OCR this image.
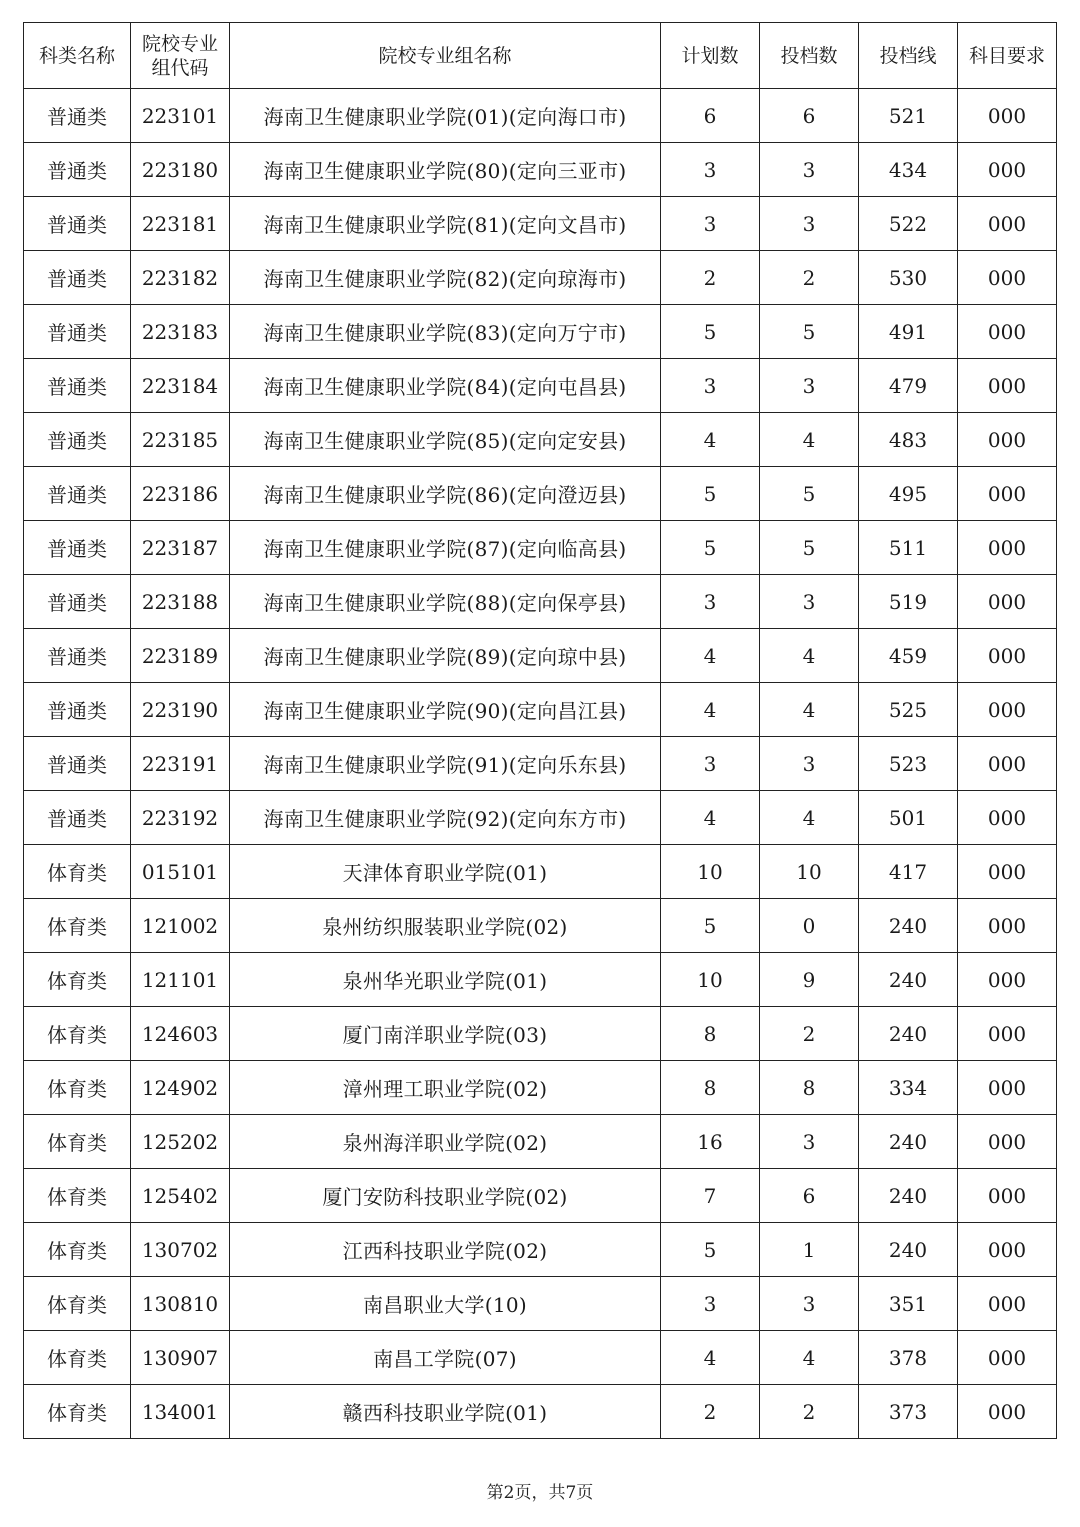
科类名称	院校专业组代码	院校专业组名称	计划数	投档数	投档线	科目要求
普通类	223101	海南卫生健康职业学院(01)(定向海口市)	6	6	521	000
普通类	223180	海南卫生健康职业学院(80)(定向三亚市)	3	3	434	000
普通类	223181	海南卫生健康职业学院(81)(定向文昌市)	3	3	522	000
普通类	223182	海南卫生健康职业学院(82)(定向琼海市)	2	2	530	000
普通类	223183	海南卫生健康职业学院(83)(定向万宁市)	5	5	491	000
普通类	223184	海南卫生健康职业学院(84)(定向屯昌县)	3	3	479	000
普通类	223185	海南卫生健康职业学院(85)(定向定安县)	4	4	483	000
普通类	223186	海南卫生健康职业学院(86)(定向澄迈县)	5	5	495	000
普通类	223187	海南卫生健康职业学院(87)(定向临高县)	5	5	511	000
普通类	223188	海南卫生健康职业学院(88)(定向保亭县)	3	3	519	000
普通类	223189	海南卫生健康职业学院(89)(定向琼中县)	4	4	459	000
普通类	223190	海南卫生健康职业学院(90)(定向昌江县)	4	4	525	000
普通类	223191	海南卫生健康职业学院(91)(定向乐东县)	3	3	523	000
普通类	223192	海南卫生健康职业学院(92)(定向东方市)	4	4	501	000
体育类	015101	天津体育职业学院(01)	10	10	417	000
体育类	121002	泉州纺织服装职业学院(02)	5	0	240	000
体育类	121101	泉州华光职业学院(01)	10	9	240	000
体育类	124603	厦门南洋职业学院(03)	8	2	240	000
体育类	124902	漳州理工职业学院(02)	8	8	334	000
体育类	125202	泉州海洋职业学院(02)	16	3	240	000
体育类	125402	厦门安防科技职业学院(02)	7	6	240	000
体育类	130702	江西科技职业学院(02)	5	1	240	000
体育类	130810	南昌职业大学(10)	3	3	351	000
体育类	130907	南昌工学院(07)	4	4	378	000
体育类	134001	赣西科技职业学院(01)	2	2	373	000
第2页，共7页
